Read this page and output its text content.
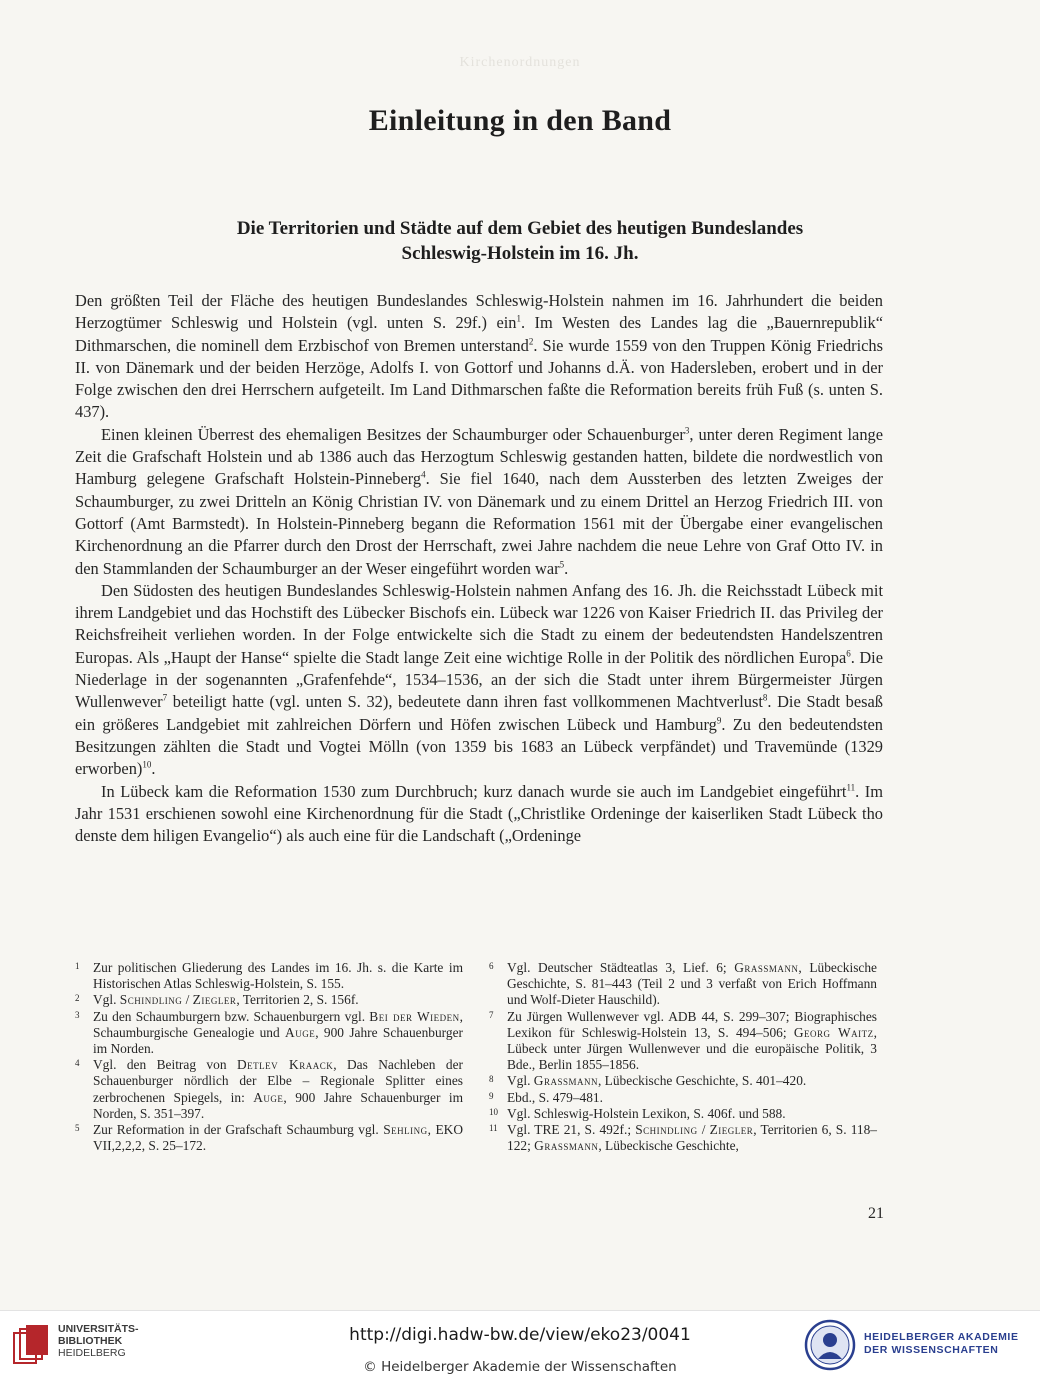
Kirchenordnungen
Einleitung in den Band
Die Territorien und Städte auf dem Gebiet des heutigen Bundeslandes
Schleswig-Holstein im 16. Jh.

Den größten Teil der Fläche des heutigen Bundeslandes Schleswig-Holstein nahmen im 16. Jahrhundert die beiden Herzogtümer Schleswig und Holstein (vgl. unten S. 29f.) ein$^1$. Im Westen des Landes lag die „Bauernrepublik“ Dithmarschen, die nominell dem Erzbischof von Bremen unterstand$^2$. Sie wurde 1559 von den Truppen König Friedrichs II. von Dänemark und der beiden Herzöge, Adolfs I. von Gottorf und Johanns d.Ä. von Hadersleben, erobert und in der Folge zwischen den drei Herrschern aufgeteilt. Im Land Dithmarschen faßte die Reformation bereits früh Fuß (s. unten S. 437).

Einen kleinen Überrest des ehemaligen Besitzes der Schaumburger oder Schauenburger$^3$, unter deren Regiment lange Zeit die Grafschaft Holstein und ab 1386 auch das Herzogtum Schleswig gestanden hatten, bildete die nordwestlich von Hamburg gelegene Grafschaft Holstein-Pinneberg$^4$. Sie fiel 1640, nach dem Aussterben des letzten Zweiges der Schaumburger, zu zwei Dritteln an König Christian IV. von Dänemark und zu einem Drittel an Herzog Friedrich III. von Gottorf (Amt Barmstedt). In Holstein-Pinneberg begann die Reformation 1561 mit der Übergabe einer evangelischen Kirchenordnung an die Pfarrer durch den Drost der Herrschaft, zwei Jahre nachdem die neue Lehre von Graf Otto IV. in den Stammlanden der Schaumburger an der Weser eingeführt worden war$^5$.

Den Südosten des heutigen Bundeslandes Schleswig-Holstein nahmen Anfang des 16. Jh. die Reichsstadt Lübeck mit ihrem Landgebiet und das Hochstift des Lübecker Bischofs ein. Lübeck war 1226 von Kaiser Friedrich II. das Privileg der Reichsfreiheit verliehen worden. In der Folge entwickelte sich die Stadt zu einem der bedeutendsten Handelszentren Europas. Als „Haupt der Hanse“ spielte die Stadt lange Zeit eine wichtige Rolle in der Politik des nördlichen Europa$^6$. Die Niederlage in der sogenannten „Grafenfehde“, 1534–1536, an der sich die Stadt unter ihrem Bürgermeister Jürgen Wullenwever$^7$ beteiligt hatte (vgl. unten S. 32), bedeutete dann ihren fast vollkommenen Machtverlust$^8$. Die Stadt besaß ein größeres Landgebiet mit zahlreichen Dörfern und Höfen zwischen Lübeck und Hamburg$^9$. Zu den bedeutendsten Besitzungen zählten die Stadt und Vogtei Mölln (von 1359 bis 1683 an Lübeck verpfändet) und Travemünde (1329 erworben)$^{10}$.

In Lübeck kam die Reformation 1530 zum Durchbruch; kurz danach wurde sie auch im Landgebiet eingeführt$^{11}$. Im Jahr 1531 erschienen sowohl eine Kirchenordnung für die Stadt („Christlike Ordeninge der kaiserliken Stadt Lübeck tho denste dem hiligen Evangelio“) als auch eine für die Landschaft („Ordeninge

1 Zur politischen Gliederung des Landes im 16. Jh. s. die Karte im Historischen Atlas Schleswig-Holstein, S. 155.
2 Vgl. Schindling / Ziegler, Territorien 2, S. 156f.
3 Zu den Schaumburgern bzw. Schauenburgern vgl. Bei der Wieden, Schaumburgische Genealogie und Auge, 900 Jahre Schauenburger im Norden.
4 Vgl. den Beitrag von Detlev Kraack, Das Nachleben der Schauenburger nördlich der Elbe – Regionale Splitter eines zerbrochenen Spiegels, in: Auge, 900 Jahre Schauenburger im Norden, S. 351–397.
5 Zur Reformation in der Grafschaft Schaumburg vgl. Sehling, EKO VII,2,2,2, S. 25–172.
6 Vgl. Deutscher Städteatlas 3, Lief. 6; Grassmann, Lübeckische Geschichte, S. 81–443 (Teil 2 und 3 verfaßt von Erich Hoffmann und Wolf-Dieter Hauschild).
7 Zu Jürgen Wullenwever vgl. ADB 44, S. 299–307; Biographisches Lexikon für Schleswig-Holstein 13, S. 494–506; Georg Waitz, Lübeck unter Jürgen Wullenwever und die europäische Politik, 3 Bde., Berlin 1855–1856.
8 Vgl. Grassmann, Lübeckische Geschichte, S. 401–420.
9 Ebd., S. 479–481.
10 Vgl. Schleswig-Holstein Lexikon, S. 406f. und 588.
11 Vgl. TRE 21, S. 492f.; Schindling / Ziegler, Territorien 6, S. 118–122; Grassmann, Lübeckische Geschichte,
21
UNIVERSITÄTS-
BIBLIOTHEK
HEIDELBERG
http://digi.hadw-bw.de/view/eko23/0041
© Heidelberger Akademie der Wissenschaften
HEIDELBERGER AKADEMIE
DER WISSENSCHAFTEN
